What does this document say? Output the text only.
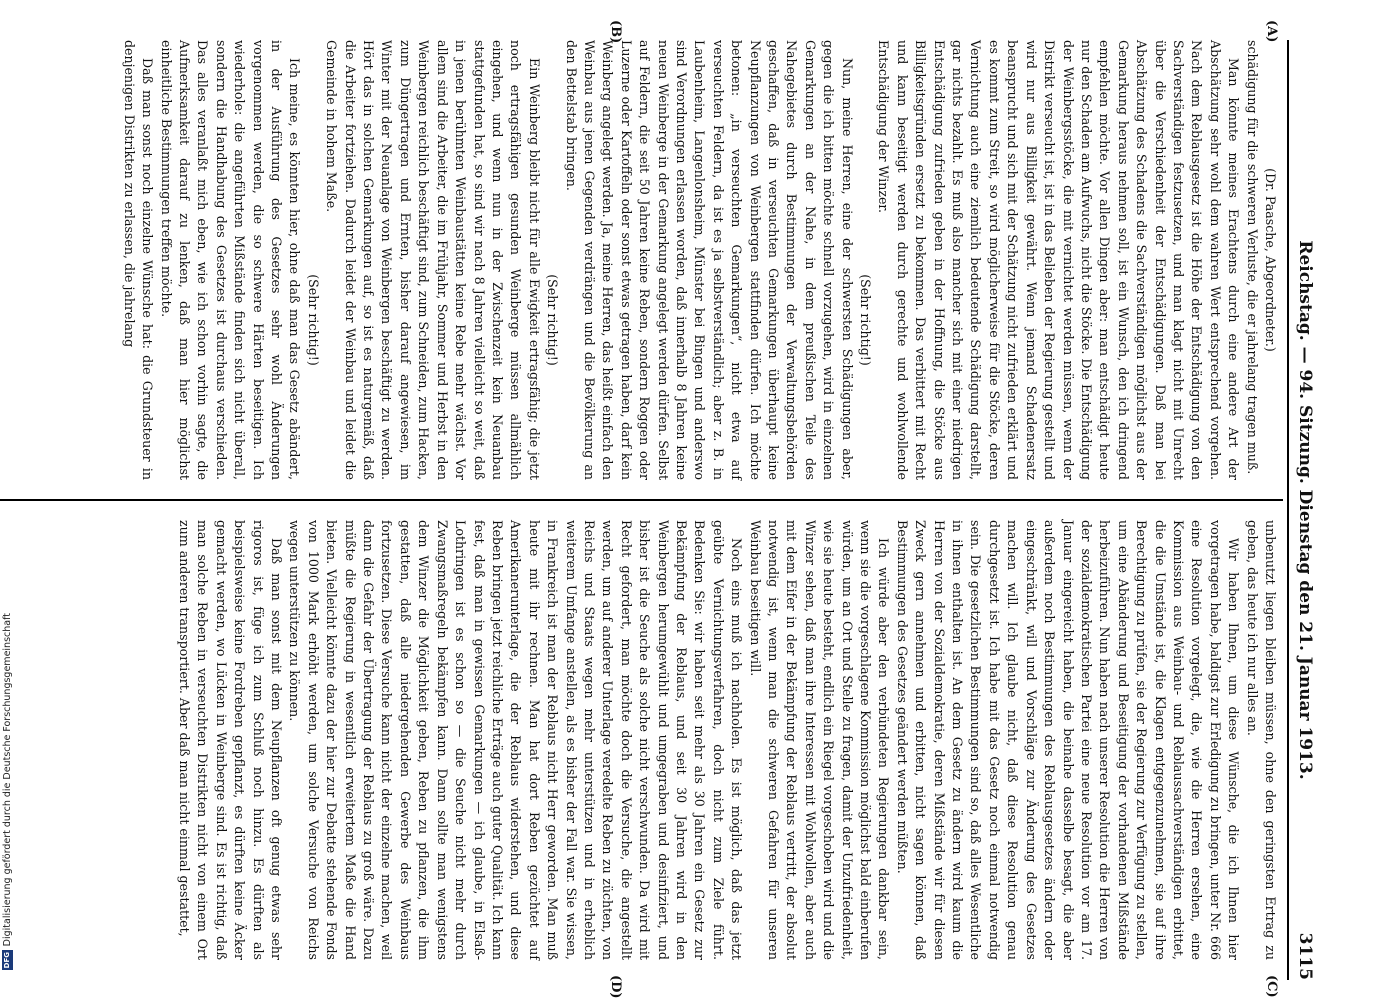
Reichstag. — 94. Sitzung. Dienstag den 21. Januar 1913.
3115
(A)
(B)
(C)
(D)

(Dr. Paasche, Abgeordneter.)

schädigung für die schweren Verluste, die er jahrelang tragen muß.

Man könnte meines Erachtens durch eine andere Art der Abschätzung sehr wohl dem wahren Wert entsprechend vorgehen. Nach dem Reblausgesetz ist die Höhe der Entschädigung von den Sachverständigen festzusetzen, und man klagt nicht mit Unrecht über die Verschiedenheit der Entschädigungen. Daß man bei Abschätzung des Schadens die Sachverständigen möglichst aus der Gemarkung heraus nehmen soll, ist ein Wunsch, den ich dringend empfehlen möchte. Vor allen Dingen aber: man entschädigt heute nur den Schaden am Aufwuchs, nicht die Stöcke. Die Entschädigung der Weinbergsstöcke, die mit vernichtet werden müssen, wenn der Distrikt verseucht ist, ist in das Belieben der Regierung gestellt und wird nur aus Billigkeit gewährt. Wenn jemand Schadenersatz beansprucht und sich mit der Schätzung nicht zufrieden erklärt und es kommt zum Streit, so wird möglicherweise für die Stöcke, deren Vernichtung auch eine ziemlich bedeutende Schädigung darstellt, gar nichts bezahlt. Es muß also mancher sich mit einer niedrigen Entschädigung zufrieden geben in der Hoffnung, die Stöcke aus Billigkeitsgründen ersetzt zu bekommen. Das verbittert mit Recht und kann beseitigt werden durch gerechte und wohlwollende Entschädigung der Winzer.

(Sehr richtig!)

Nun, meine Herren, eine der schwersten Schädigungen aber, gegen die ich bitten möchte schnell vorzugehen, wird in einzelnen Gemarkungen an der Nahe, in dem preußischen Teile des Nahegebietes durch Bestimmungen der Verwaltungsbehörden geschaffen, daß in verseuchten Gemarkungen überhaupt keine Neupflanzungen von Weinbergen stattfinden dürfen. Ich möchte betonen: „in verseuchten Gemarkungen“, nicht etwa auf verseuchten Feldern, da ist es ja selbstverständlich; aber z. B. in Laubenheim, Langenlonsheim, Münster bei Bingen und anderswo sind Verordnungen erlassen worden, daß innerhalb 8 Jahren keine neuen Weinberge in der Gemarkung angelegt werden dürfen. Selbst auf Feldern, die seit 50 Jahren keine Reben, sondern Roggen oder Luzerne oder Kartoffeln oder sonst etwas getragen haben, darf kein Weinberg angelegt werden. Ja, meine Herren, das heißt einfach den Weinbau aus jenen Gegenden verdrängen und die Bevölkerung an den Bettelstab bringen.

(Sehr richtig!)

Ein Weinberg bleibt nicht für alle Ewigkeit ertragsfähig; die jetzt noch ertragsfähigen gesunden Weinberge müssen allmählich eingehen, und wenn nun in der Zwischenzeit kein Neuanbau stattgefunden hat, so sind wir nach 8 Jahren vielleicht so weit, daß in jenen berühmten Weinbaustätten keine Rebe mehr wächst. Vor allem sind die Arbeiter, die im Frühjahr, Sommer und Herbst in den Weinbergen reichlich beschäftigt sind, zum Schneiden, zum Hacken, zum Düngertragen und Ernten, bisher darauf angewiesen, im Winter mit der Neuanlage von Weinbergen beschäftigt zu werden. Hört das in solchen Gemarkungen auf, so ist es naturgemäß, daß die Arbeiter fortziehen. Dadurch leidet der Weinbau und leidet die Gemeinde in hohem Maße.

(Sehr richtig!)

Ich meine, es könnten hier, ohne daß man das Gesetz abändert, in der Ausführung des Gesetzes sehr wohl Änderungen vorgenommen werden, die so schwere Härten beseitigen. Ich wiederhole: die angeführten Mißstände finden sich nicht überall, sondern die Handhabung des Gesetzes ist durchaus verschieden. Das alles veranlaßt mich eben, wie ich schon vorhin sagte, die Aufmerksamkeit darauf zu lenken, daß man hier möglichst einheitliche Bestimmungen treffen möchte.

Daß man sonst noch einzelne Wünsche hat: die Grundsteuer in denjenigen Distrikten zu erlassen, die jahrelang

unbenutzt liegen bleiben müssen, ohne den geringsten Ertrag zu geben, das heute ich nur alles an.

Wir haben Ihnen, um diese Wünsche, die ich Ihnen hier vorgetragen habe, baldigst zur Erledigung zu bringen, unter Nr. 666 eine Resolution vorgelegt, die, wie die Herren ersehen, eine Kommission aus Weinbau- und Reblaussachverständigen erbittet, die die Umstände ist, die Klagen entgegenzunehmen, sie auf ihre Berechtigung zu prüfen, sie der Regierung zur Verfügung zu stellen, um eine Abänderung und Beseitigung der vorhandenen Mißstände herbeizuführen. Nun haben nach unserer Resolution die Herren von der sozialdemokratischen Partei eine neue Resolution vor am 17. Januar eingereicht haben, die beinahe dasselbe besagt, die aber außerdem noch Bestimmungen des Reblausgesetzes ändern oder eingeschränkt, will und Vorschläge zur Änderung des Gesetzes machen will. Ich glaube nicht, daß diese Resolution genau durchgesetzt ist. Ich habe mit das Gesetz noch einmal notwendig sein. Die gesetzlichen Bestimmungen sind so, daß alles Wesentliche in ihnen enthalten ist. An dem Gesetz zu ändern wird kaum die Herren von der Sozialdemokratie, deren Mißstände wir für diesen Zweck gern annehmen und erbitten, nicht sagen können, daß Bestimmungen des Gesetzes geändert werden müßten.

Ich würde aber den verbündeten Regierungen dankbar sein, wenn sie die vorgeschlagene Kommission möglichst bald einberufen würden, um an Ort und Stelle zu fragen, damit der Unzufriedenheit, wie sie heute besteht, endlich ein Riegel vorgeschoben wird und die Winzer sehen, daß man ihre Interessen mit Wohlwollen, aber auch mit dem Eifer in der Bekämpfung der Reblaus vertritt, der absolut notwendig ist, wenn man die schweren Gefahren für unseren Weinbau beseitigen will.

Noch eins muß ich nachholen. Es ist möglich, daß das jetzt geübte Vernichtungsverfahren, doch nicht zum Ziele führt. Bedenken Sie: wir haben seit mehr als 30 Jahren ein Gesetz zur Bekämpfung der Reblaus, und seit 30 Jahren wird in den Weinbergen herumgewühlt und umgegraben und desinfiziert, und bisher ist die Seuche als solche nicht verschwunden. Da wird mit Recht gefordert, man möchte doch die Versuche, die angestellt werden, um auf anderer Unterlage veredelte Reben zu züchten, von Reichs und Staats wegen mehr unterstützen und in erheblich weiterem Umfange anstellen, als es bisher der Fall war. Sie wissen, in Frankreich ist man der Reblaus nicht Herr geworden. Man muß heute mit ihr rechnen. Man hat dort Reben gezüchtet auf Amerikanerunterlage, die der Reblaus widerstehen, und diese Reben bringen jetzt reichliche Erträge auch guter Qualität. Ich kann fest, daß man in gewissen Gemarkungen — ich glaube, in Elsaß-Lothringen ist es schon so — die Seuche nicht mehr durch Zwangsmaßregeln bekämpfen kann. Dann sollte man wenigstens dem Winzer die Möglichkeit geben, Reben zu pflanzen, die ihm gestatten, daß alle niedergehenden Gewerbe des Weinbaus fortzusetzen. Diese Versuche kann nicht der einzelne machen, weil dann die Gefahr der Übertragung der Reblaus zu groß wäre. Dazu müßte die Regierung in wesentlich erweitertem Maße die Hand bieten. Vielleicht könnte dazu der hier zur Debatte stehende Fonds von 1000 Mark erhöht werden, um solche Versuche von Reichs wegen unterstützen zu können.

Daß man sonst mit dem Neupflanzen oft genug etwas sehr rigoros ist, füge ich zum Schluß noch hinzu. Es dürften als beispielsweise keine Fordreben gepflanzt, es dürften keine Äcker gemacht werden, wo Lücken in Weinberge sind. Es ist richtig, daß man solche Reben in verseuchten Distrikten nicht von einem Ort zum anderen transportiert. Aber daß man nicht einmal gestattet,

Digitalisierung gefördert durch die Deutsche Forschungsgemeinschaft
DFG
